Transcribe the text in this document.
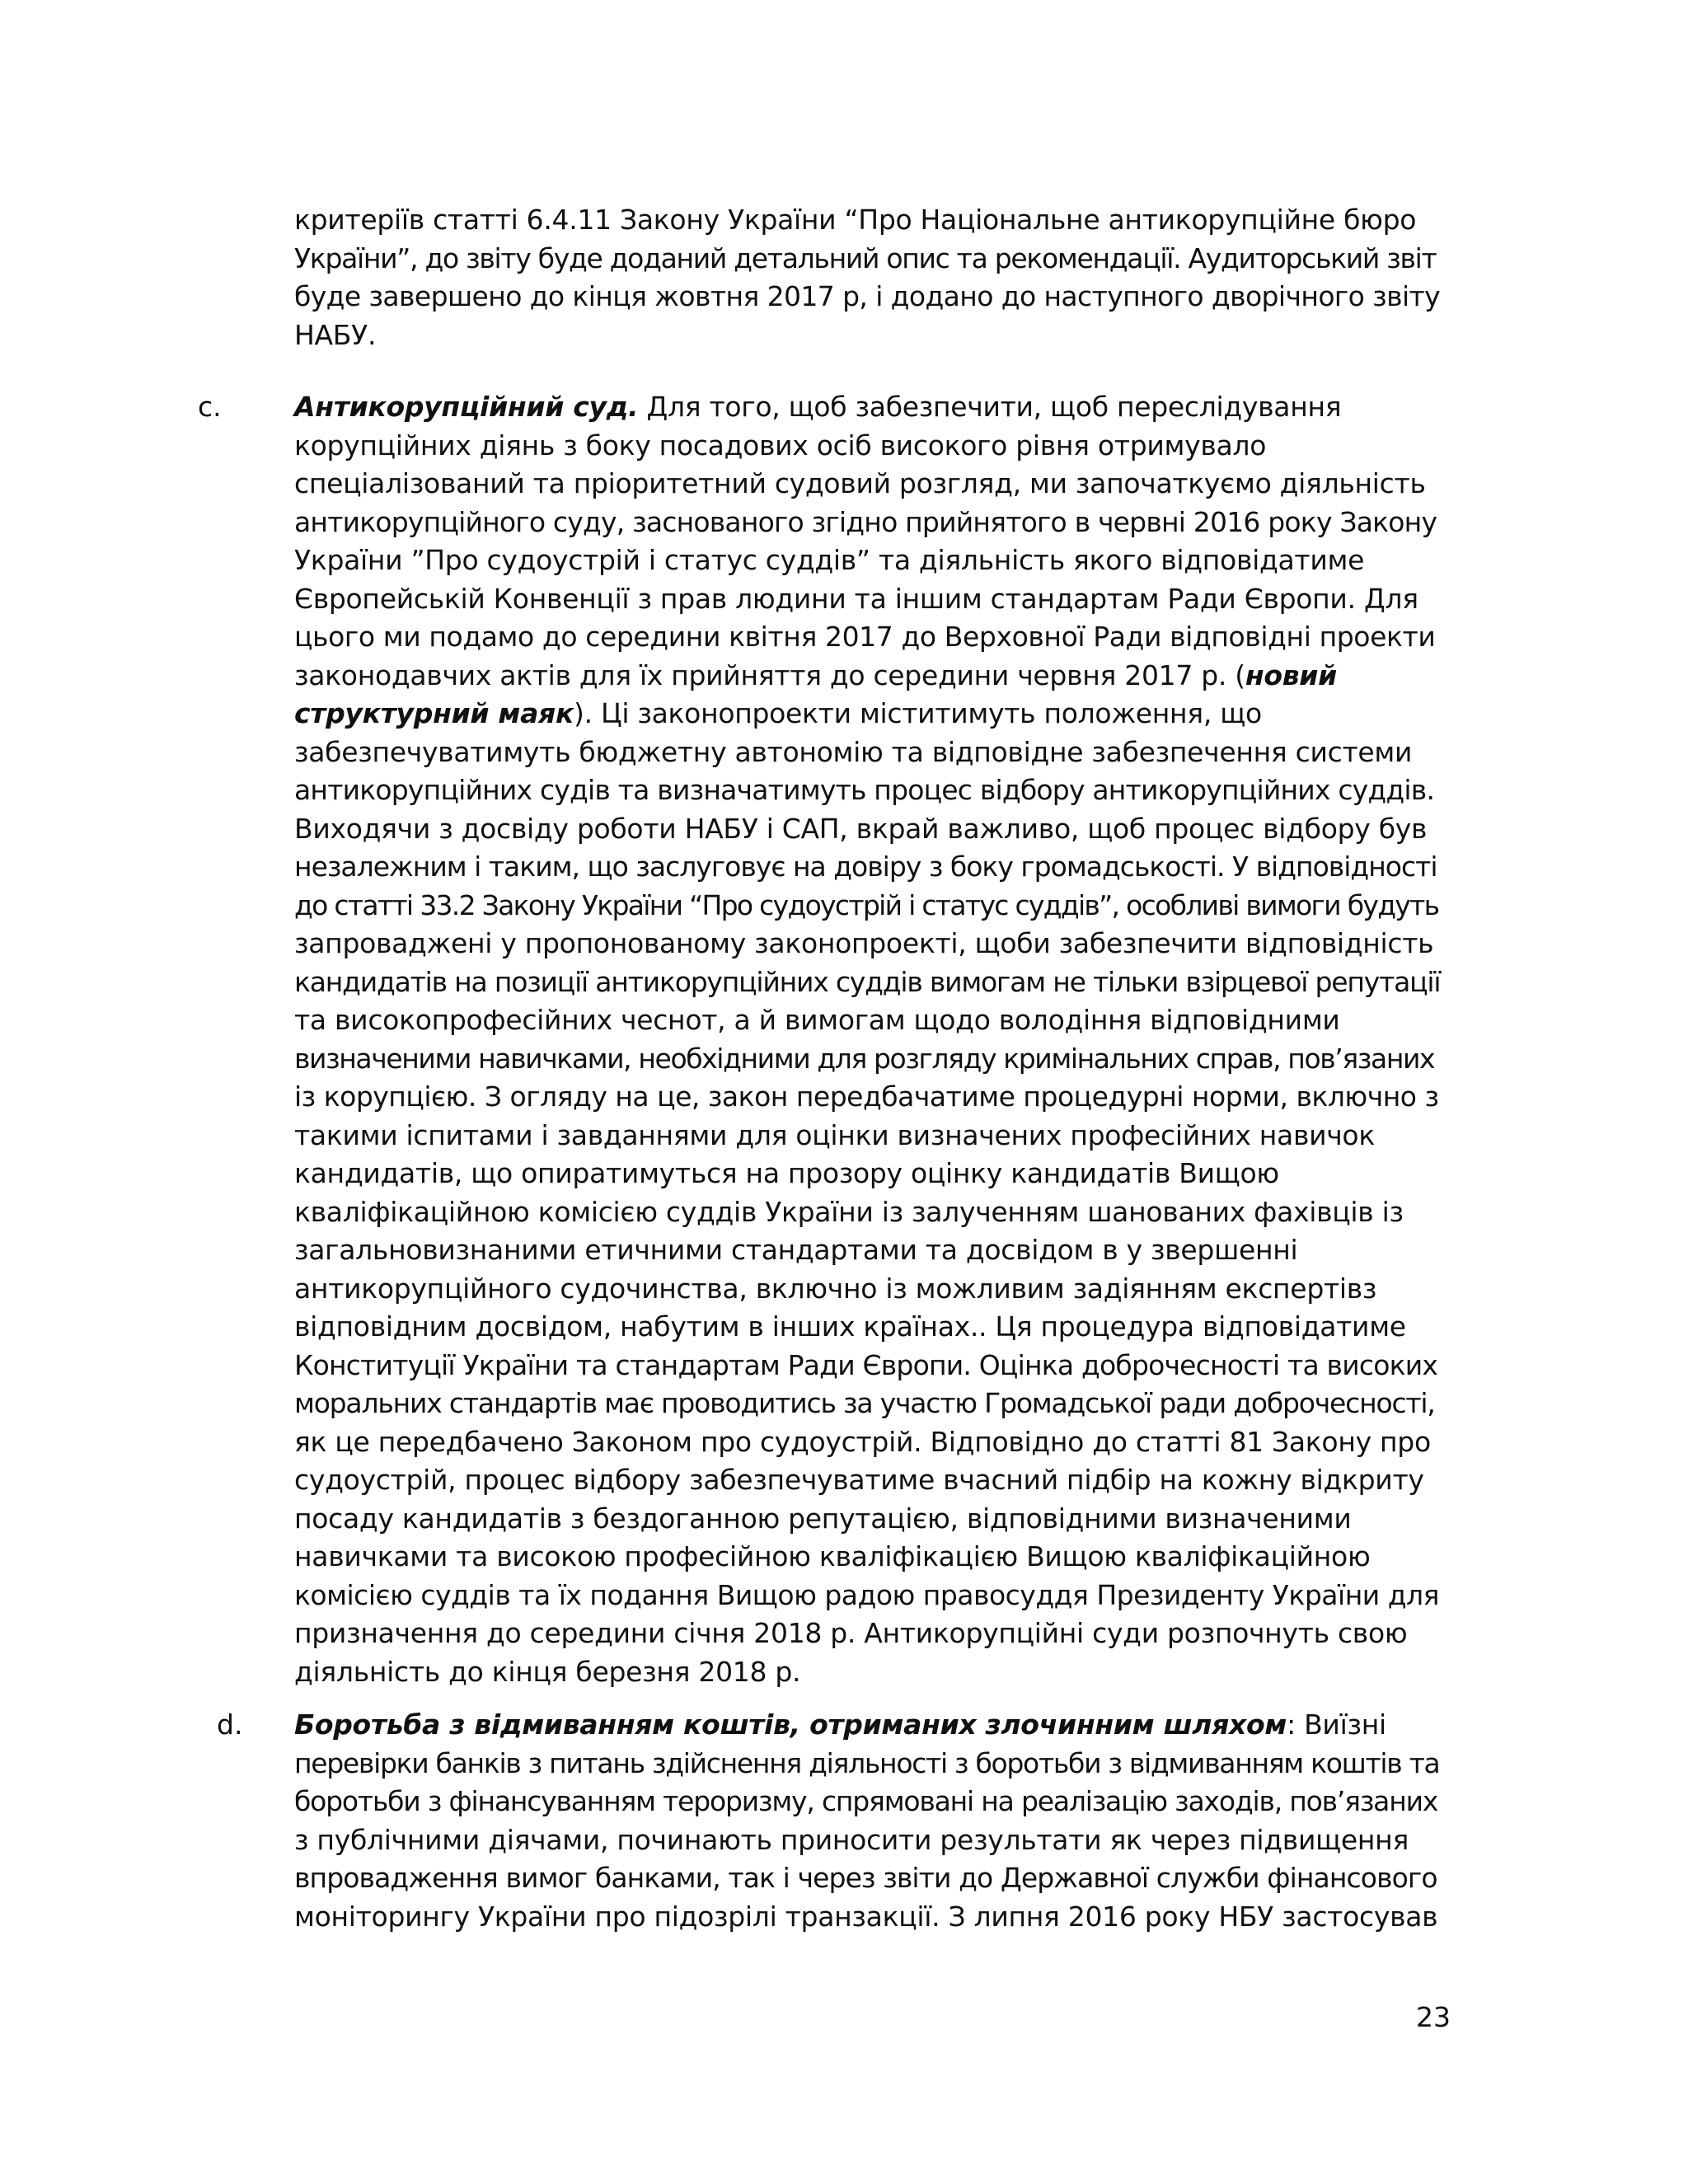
критеріїв статті 6.4.11 Закону України “Про Національне антикорупційне бюро
України”, до звіту буде доданий детальний опис та рекомендації. Аудиторський звіт
буде завершено до кінця жовтня 2017 р, і додано до наступного дворічного звіту
НАБУ.
c.	Антикорупційний суд. Для того, щоб забезпечити, щоб переслідування
корупційних діянь з боку посадових осіб високого рівня отримувало
спеціалізований та пріоритетний судовий розгляд, ми започаткуємо діяльність
антикорупційного суду, заснованого згідно прийнятого в червні 2016 року Закону
України ”Про судоустрій і статус суддів” та діяльність якого відповідатиме
Європейській Конвенції з прав людини та іншим стандартам Ради Європи. Для
цього ми подамо до середини квітня 2017 до Верховної Ради відповідні проекти
законодавчих актів для їх прийняття до середини червня 2017 р. (новий
структурний маяк). Ці законопроекти міститимуть положення, що
забезпечуватимуть бюджетну автономію та відповідне забезпечення системи
антикорупційних судів та визначатимуть процес відбору антикорупційних суддів.
Виходячи з досвіду роботи НАБУ і САП, вкрай важливо, щоб процес відбору був
незалежним і таким, що заслуговує на довіру з боку громадськості. У відповідності
до статті 33.2 Закону України “Про судоустрій і статус суддів”, особливі вимоги будуть
запроваджені у пропонованому законопроекті, щоби забезпечити відповідність
кандидатів на позиції антикорупційних суддів вимогам не тільки взірцевої репутації
та високопрофесійних чеснот, а й вимогам щодо володіння відповідними
визначеними навичками, необхідними для розгляду кримінальних справ, пов’язаних
із корупцією. З огляду на це, закон передбачатиме процедурні норми, включно з
такими іспитами і завданнями для оцінки визначених професійних навичок
кандидатів, що опиратимуться на прозору оцінку кандидатів Вищою
кваліфікаційною комісією суддів України із залученням шанованих фахівців із
загальновизнаними етичними стандартами та досвідом в у звершенні
антикорупційного судочинства, включно із можливим задіянням експертівз
відповідним досвідом, набутим в інших країнах.. Ця процедура відповідатиме
Конституції України та стандартам Ради Європи. Оцінка доброчесності та високих
моральних стандартів має проводитись за участю Громадської ради доброчесності,
як це передбачено Законом про судоустрій. Відповідно до статті 81 Закону про
судоустрій, процес відбору забезпечуватиме вчасний підбір на кожну відкриту
посаду кандидатів з бездоганною репутацією, відповідними визначеними
навичками та високою професійною кваліфікацією Вищою кваліфікаційною
комісією суддів та їх подання Вищою радою правосуддя Президенту України для
призначення до середини січня 2018 р. Антикорупційні суди розпочнуть свою
діяльність до кінця березня 2018 р.
d. Боротьба з відмиванням коштів, отриманих злочинним шляхом: Виїзні
перевірки банків з питань здійснення діяльності з боротьби з відмиванням коштів та
боротьби з фінансуванням тероризму, спрямовані на реалізацію заходів, пов’язаних
з публічними діячами, починають приносити результати як через підвищення
впровадження вимог банками, так і через звіти до Державної служби фінансового
моніторингу України про підозрілі транзакції. З липня 2016 року НБУ застосував
23
